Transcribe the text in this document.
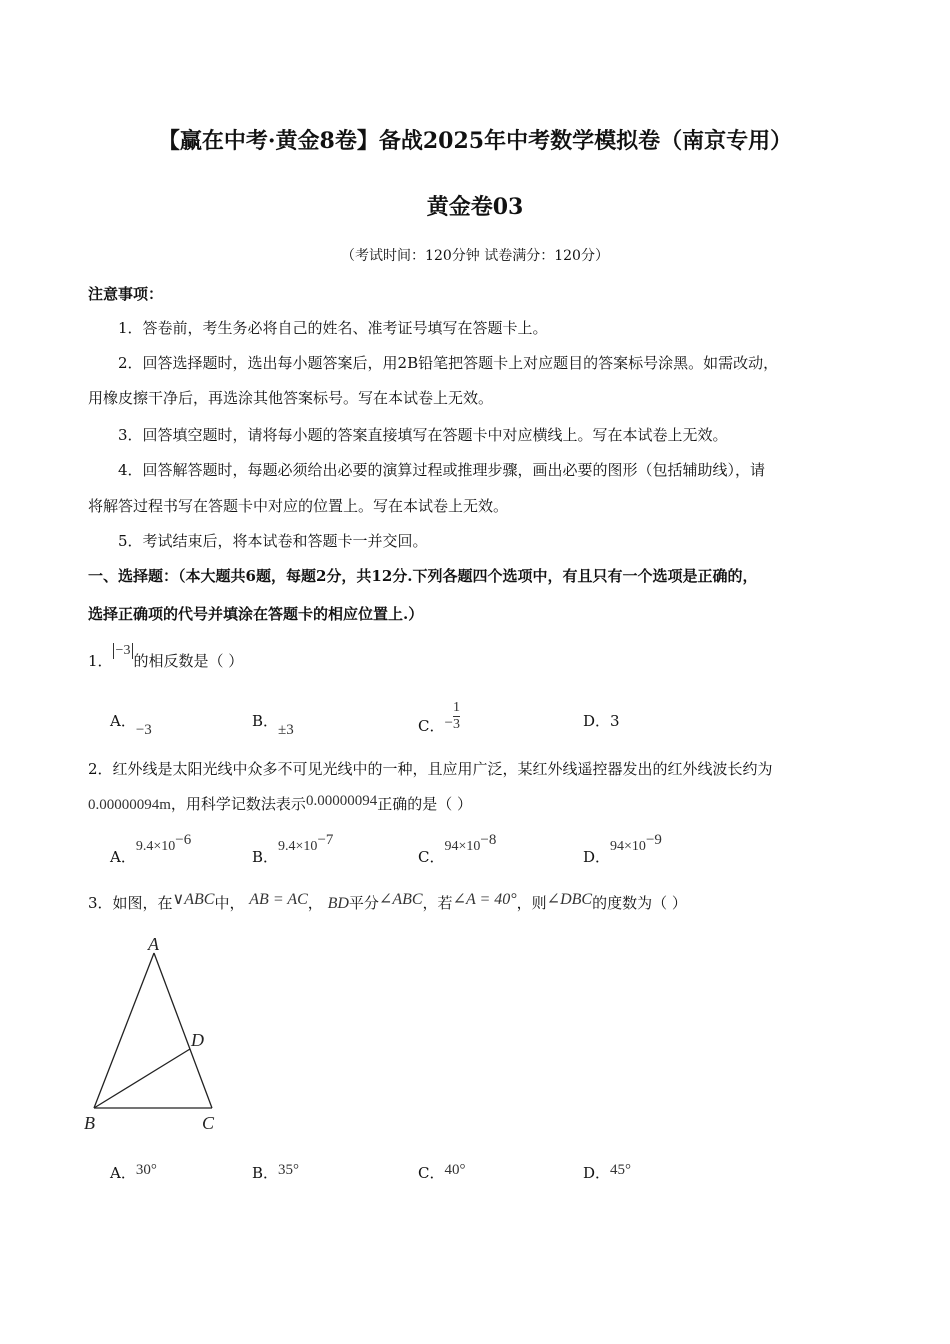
【赢在中考·黄金8卷】备战2025年中考数学模拟卷（南京专用）
黄金卷03
（考试时间：120分钟 试卷满分：120分）
注意事项：
1．答卷前，考生务必将自己的姓名、准考证号填写在答题卡上。
2．回答选择题时，选出每小题答案后，用2B铅笔把答题卡上对应题目的答案标号涂黑。如需改动，
用橡皮擦干净后，再选涂其他答案标号。写在本试卷上无效。
3．回答填空题时，请将每小题的答案直接填写在答题卡中对应横线上。写在本试卷上无效。
4．回答解答题时，每题必须给出必要的演算过程或推理步骤，画出必要的图形（包括辅助线），请
将解答过程书写在答题卡中对应的位置上。写在本试卷上无效。
5．考试结束后，将本试卷和答题卡一并交回。
一、选择题：（本大题共6题，每题2分，共12分.下列各题四个选项中，有且只有一个选项是正确的，
选择正确项的代号并填涂在答题卡的相应位置上.）
1．−3的相反数是（ ）
A．−3	B．±3	C．− $\frac{1}{3}$	D．3
2．红外线是太阳光线中众多不可见光线中的一种，且应用广泛，某红外线遥控器发出的红外线波长约为
0.00000094m，用科学记数法表示0.00000094正确的是（ ）
A．$9.4\times 10^{-6}$
B．$9.4\times 10^{-7}$
C．$94\times 10^{-8}$
D．$94\times 10^{-9}$
3．如图，在∨ABC中， AB = AC， BD平分∠ABC，若∠A = 40°，则∠DBC的度数为（ ）
A
B	C
D
A．30°	B．35°	C．40°	D．45°
